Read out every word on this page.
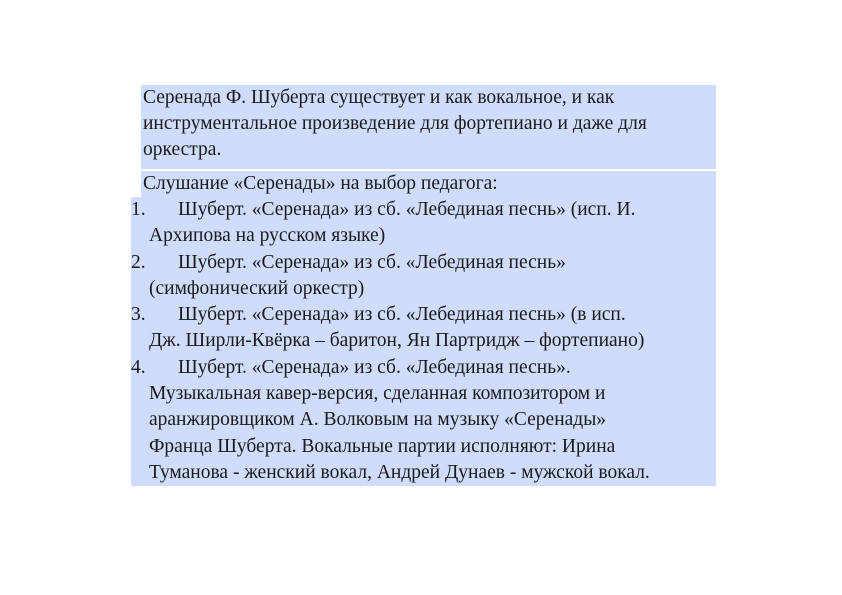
Серенада Ф. Шуберта существует и как вокальное, и как
инструментальное произведение для фортепиано и даже для
оркестра.
Слушание «Серенады» на выбор педагога:
1.	Шуберт. «Серенада» из сб. «Лебединая песнь» (исп. И.
Архипова на русском языке)
2.	Шуберт. «Серенада» из сб. «Лебединая песнь»
(симфонический оркестр)
3.	Шуберт. «Серенада» из сб. «Лебединая песнь» (в исп.
Дж. Ширли-Квёрка – баритон, Ян Партридж – фортепиано)
4.	Шуберт. «Серенада» из сб. «Лебединая песнь».
Музыкальная кавер-версия, сделанная композитором и
аранжировщиком А. Волковым на музыку «Серенады»
Франца Шуберта. Вокальные партии исполняют: Ирина
Туманова - женский вокал, Андрей Дунаев - мужской вокал.
